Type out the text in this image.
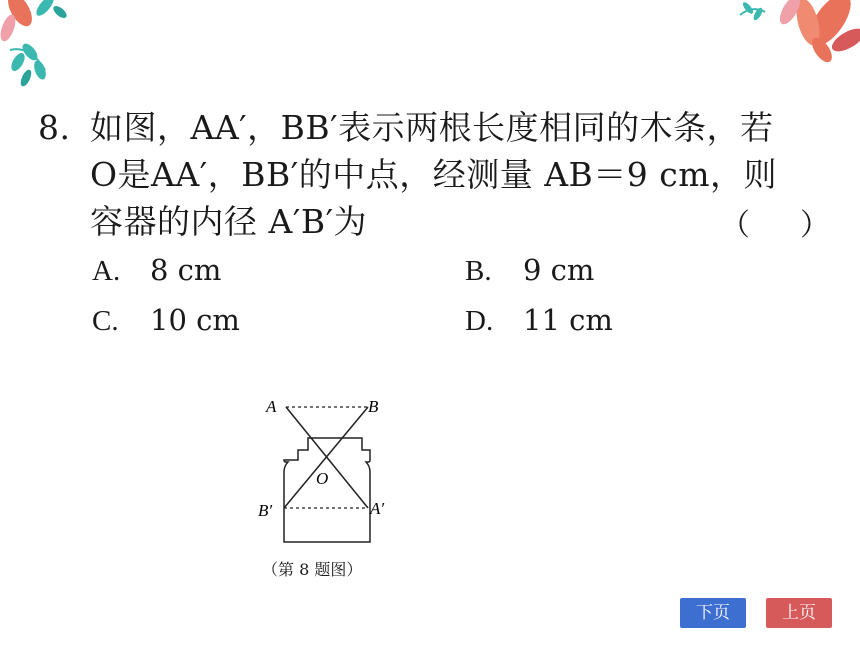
8. 如图，AA′，BB′表示两根长度相同的木条，若
O是AA′，BB′的中点，经测量 AB＝9 cm，则
容器的内径 A′B′为	（ ）
A. 8 cm	B. 9 cm
C. 10 cm	D. 11 cm
A	B
O
B′	A′
（第 8 题图）
下页	上页
